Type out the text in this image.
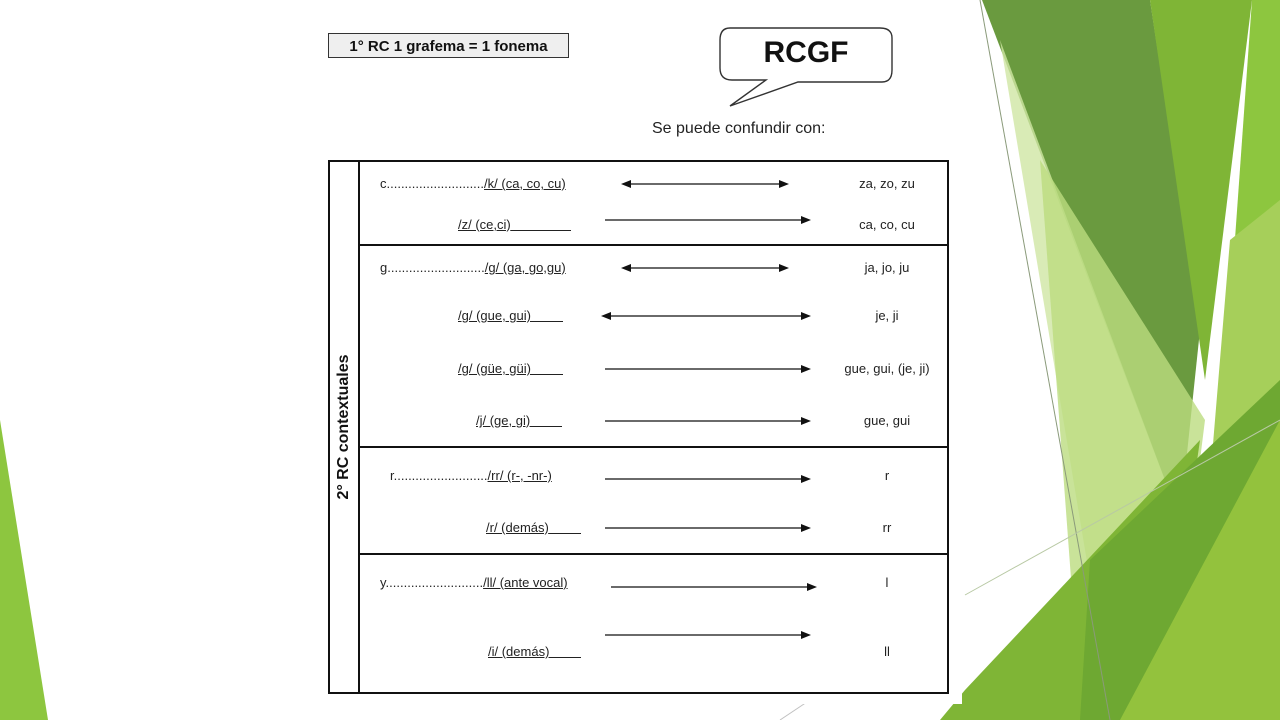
1° RC 1 grafema = 1 fonema	RCGF
Se puede confundir con:
2° RC contextuales
c.........................../k/ (ca, co, cu)	za, zo, zu
/z/ (ce,ci)	ca, co, cu
g.........................../g/ (ga, go,gu)	ja, jo, ju
/g/ (gue, gui)	je, ji
/g/ (güe, güi)	gue, gui, (je, ji)
/j/ (ge, gi)	gue, gui
r........................../rr/ (r-, -nr-)	r
/r/ (demás)	rr
y.........................../ll/ (ante vocal)	l
/i/ (demás)	ll
